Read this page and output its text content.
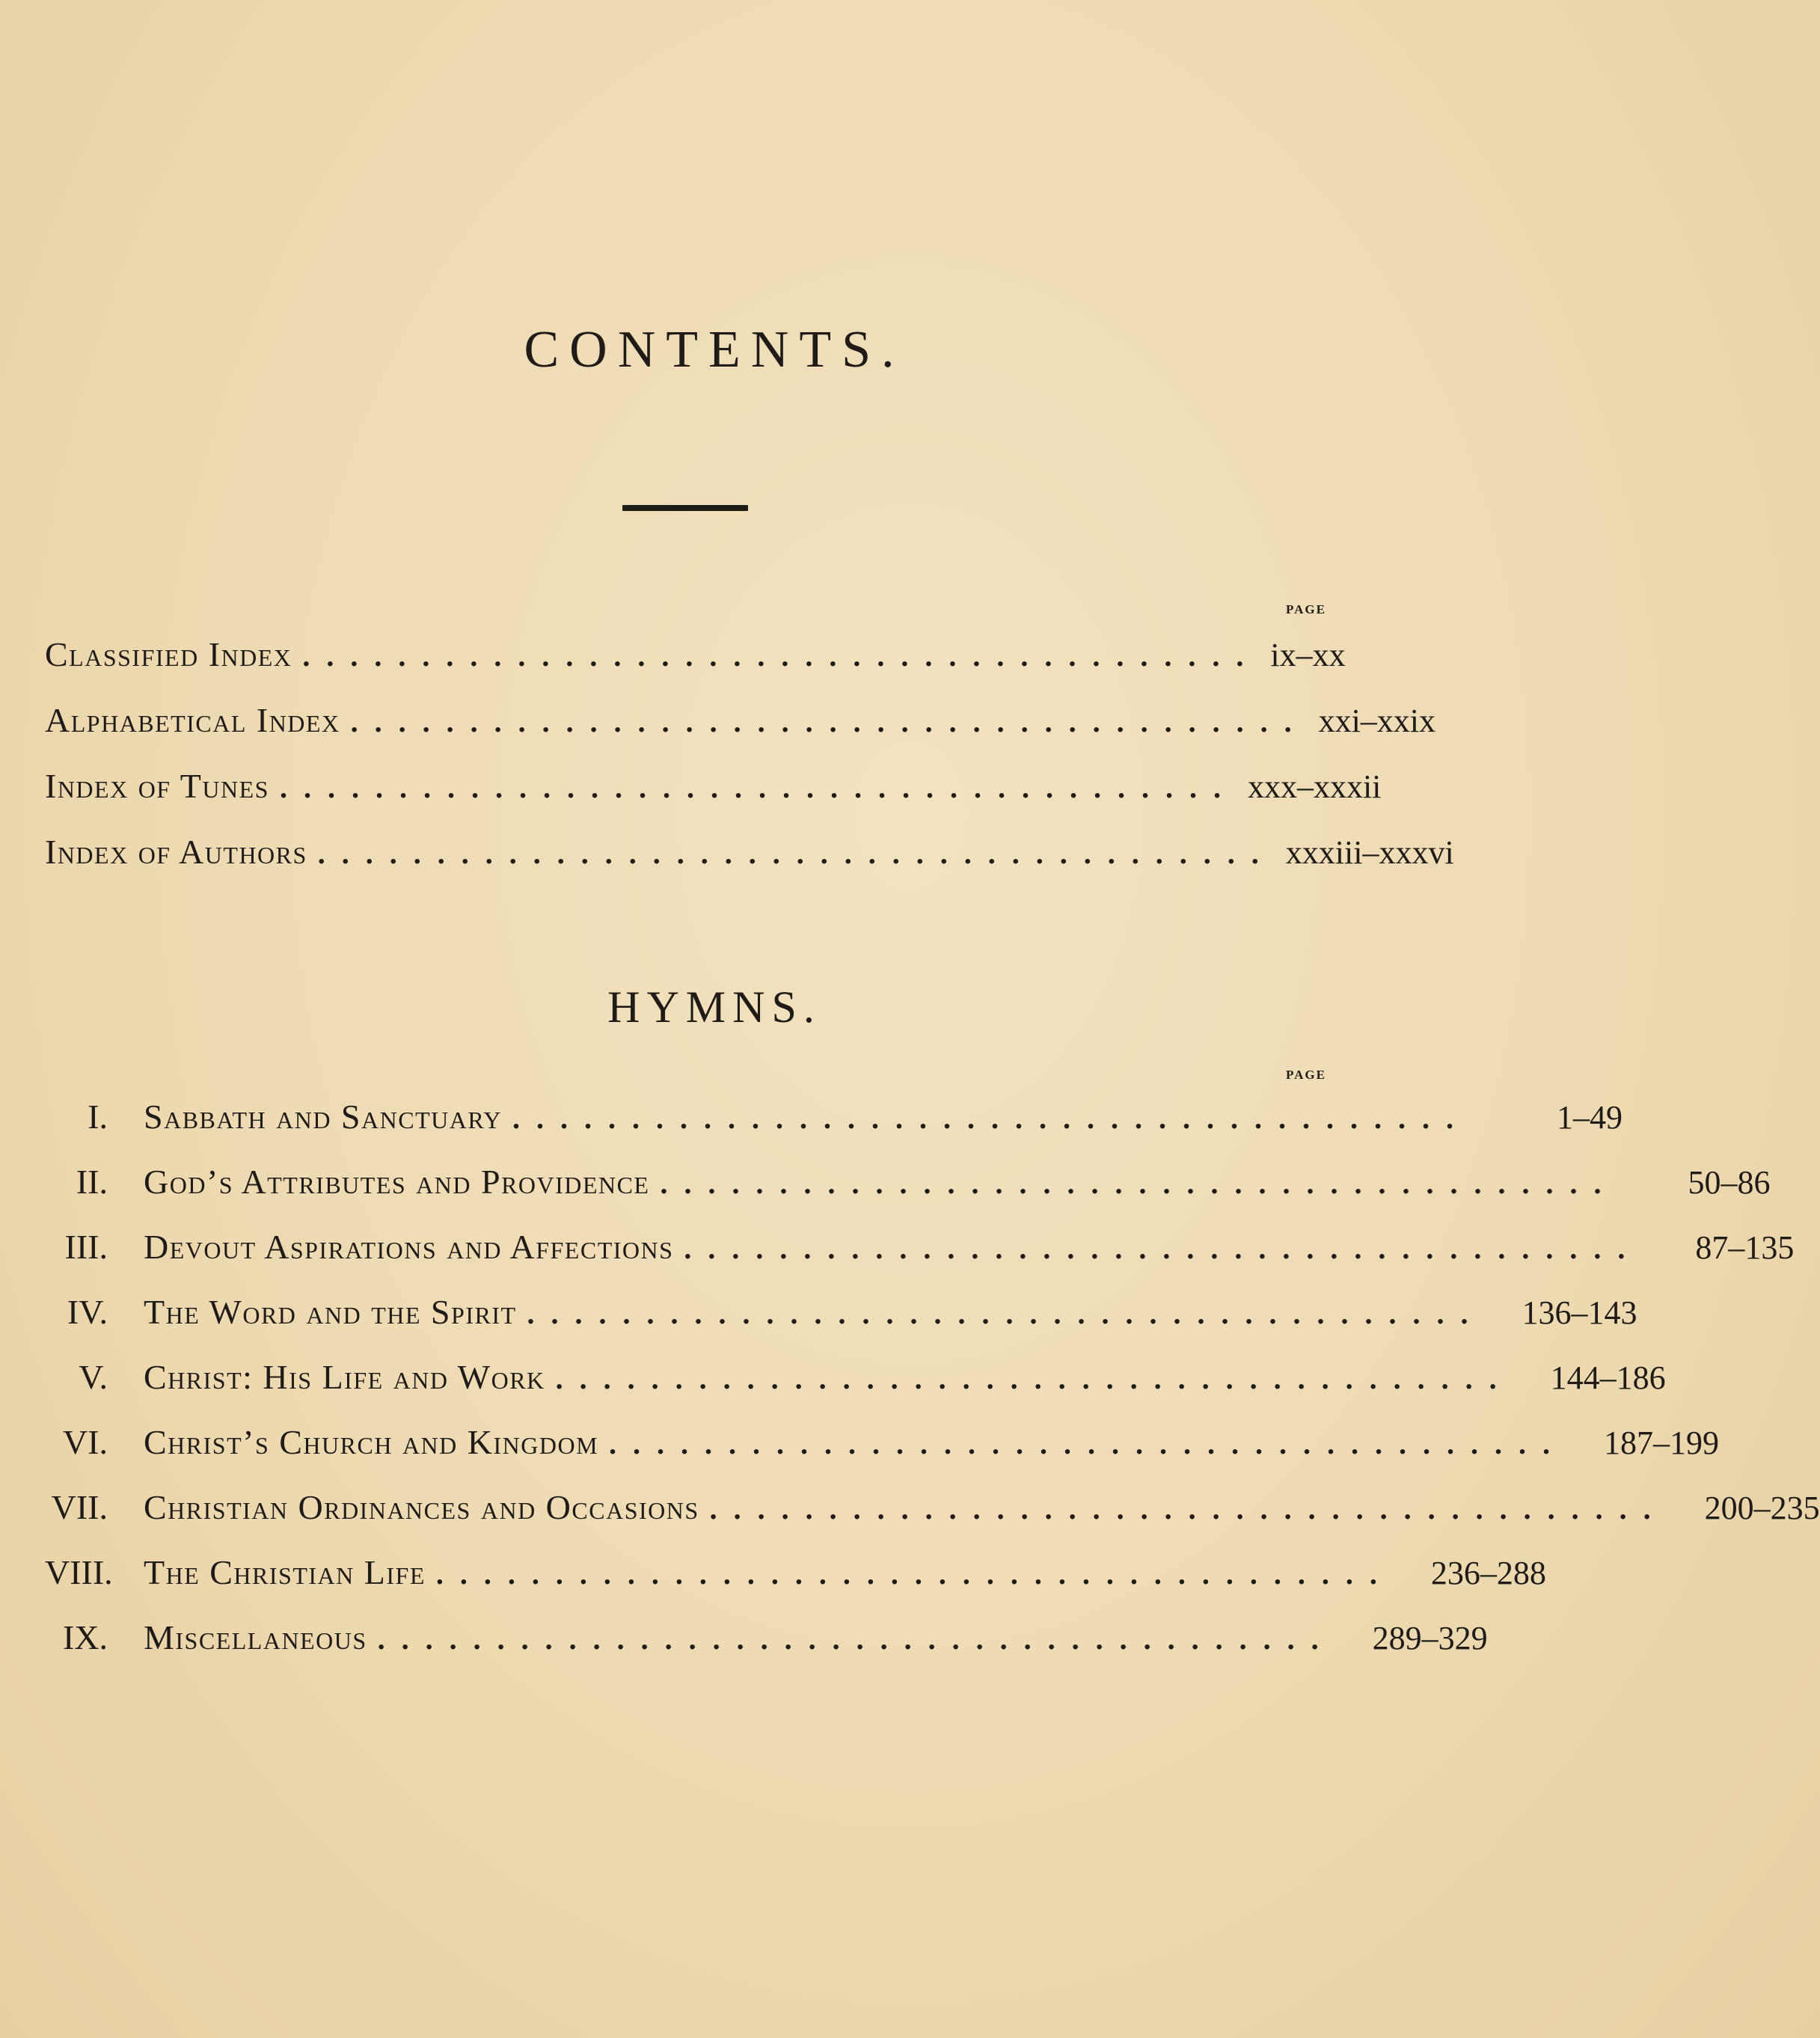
CONTENTS.
page
Classified Index ........................................ ix–xx
Alphabetical Index ........................................ xxi–xxix
Index of Tunes ........................................ xxx–xxxii
Index of Authors ........................................ xxxiii–xxxvi
HYMNS.
page
I.	Sabbath and Sanctuary ........................................	1–49
II.	God’s Attributes and Providence ........................................	50–86
III.	Devout Aspirations and Affections ........................................	87–135
IV.	The Word and the Spirit ........................................	136–143
V.	Christ: His Life and Work ........................................	144–186
VI.	Christ’s Church and Kingdom ........................................	187–199
VII.	Christian Ordinances and Occasions ........................................	200–235
VIII. The Christian Life ........................................	236–288
IX.	Miscellaneous ........................................	289–329
